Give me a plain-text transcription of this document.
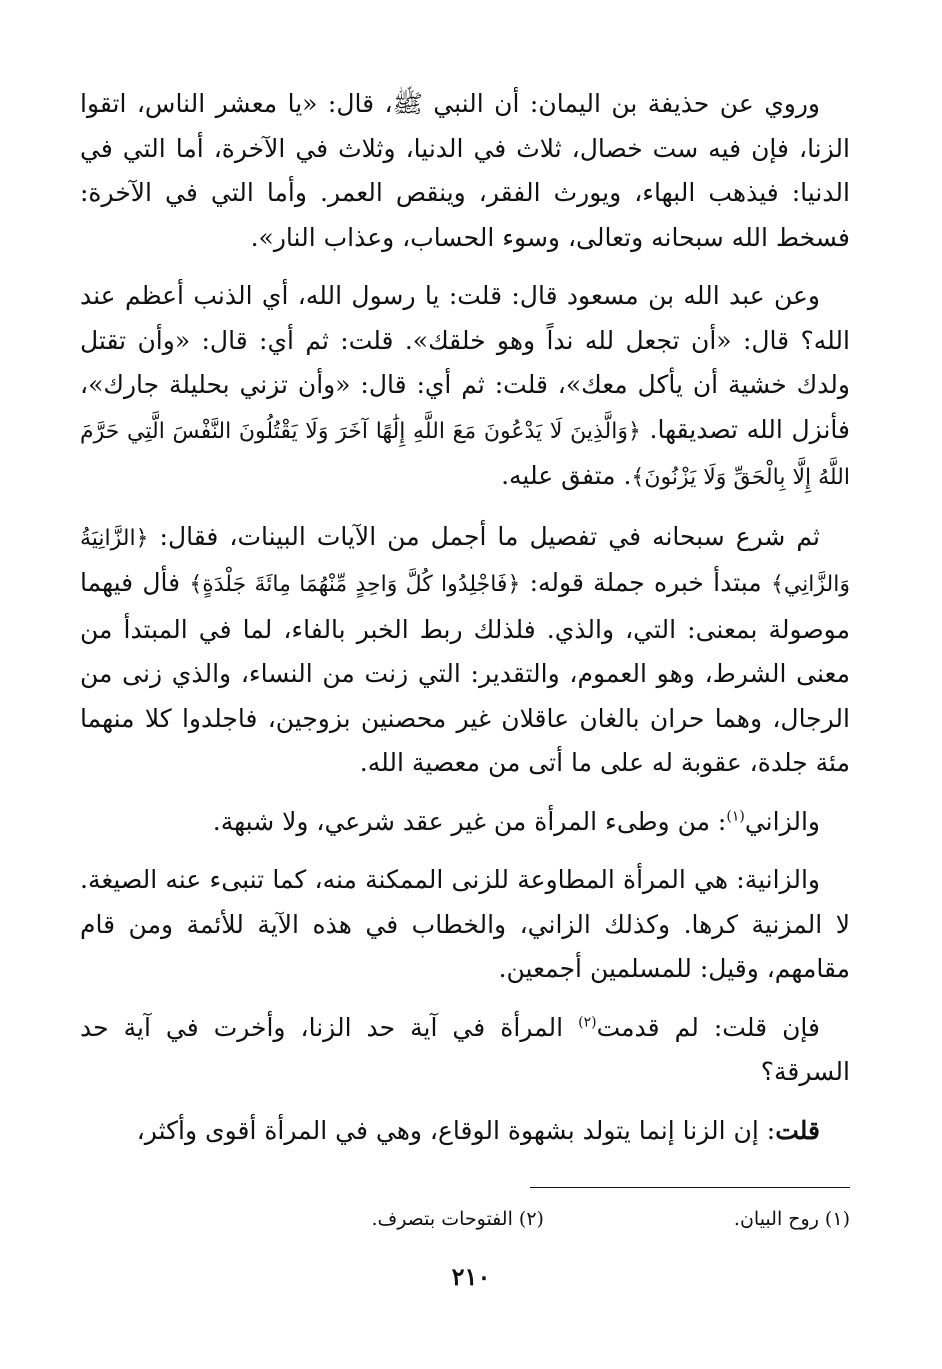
وروي عن حذيفة بن اليمان: أن النبي ﷺ، قال: «يا معشر الناس، اتقوا الزنا، فإن فيه ست خصال، ثلاث في الدنيا، وثلاث في الآخرة، أما التي في الدنيا: فيذهب البهاء، ويورث الفقر، وينقص العمر. وأما التي في الآخرة: فسخط الله سبحانه وتعالى، وسوء الحساب، وعذاب النار».

وعن عبد الله بن مسعود قال: قلت: يا رسول الله، أي الذنب أعظم عند الله؟ قال: «أن تجعل لله نداً وهو خلقك». قلت: ثم أي: قال: «وأن تقتل ولدك خشية أن يأكل معك»، قلت: ثم أي: قال: «وأن تزني بحليلة جارك»، فأنزل الله تصديقها. ﴿وَالَّذِينَ لَا يَدْعُونَ مَعَ اللَّهِ إِلَٰهًا آخَرَ وَلَا يَقْتُلُونَ النَّفْسَ الَّتِي حَرَّمَ اللَّهُ إِلَّا بِالْحَقِّ وَلَا يَزْنُونَ﴾. متفق عليه.

ثم شرع سبحانه في تفصيل ما أجمل من الآيات البينات، فقال: ﴿الزَّانِيَةُ وَالزَّانِي﴾ مبتدأ خبره جملة قوله: ﴿فَاجْلِدُوا كُلَّ وَاحِدٍ مِّنْهُمَا مِائَةَ جَلْدَةٍ﴾ فأل فيهما موصولة بمعنى: التي، والذي. فلذلك ربط الخبر بالفاء، لما في المبتدأ من معنى الشرط، وهو العموم، والتقدير: التي زنت من النساء، والذي زنى من الرجال، وهما حران بالغان عاقلان غير محصنين بزوجين، فاجلدوا كلا منهما مئة جلدة، عقوبة له على ما أتى من معصية الله.

والزاني$^{(١)}$: من وطىء المرأة من غير عقد شرعي، ولا شبهة.

والزانية: هي المرأة المطاوعة للزنى الممكنة منه، كما تنبىء عنه الصيغة. لا المزنية كرها. وكذلك الزاني، والخطاب في هذه الآية للأئمة ومن قام مقامهم، وقيل: للمسلمين أجمعين.

فإن قلت: لم قدمت$^{(٢)}$ المرأة في آية حد الزنا، وأخرت في آية حد السرقة؟

قلت: إن الزنا إنما يتولد بشهوة الوقاع، وهي في المرأة أقوى وأكثر،

(١) روح البيان. (٢) الفتوحات بتصرف.
٢١٠
